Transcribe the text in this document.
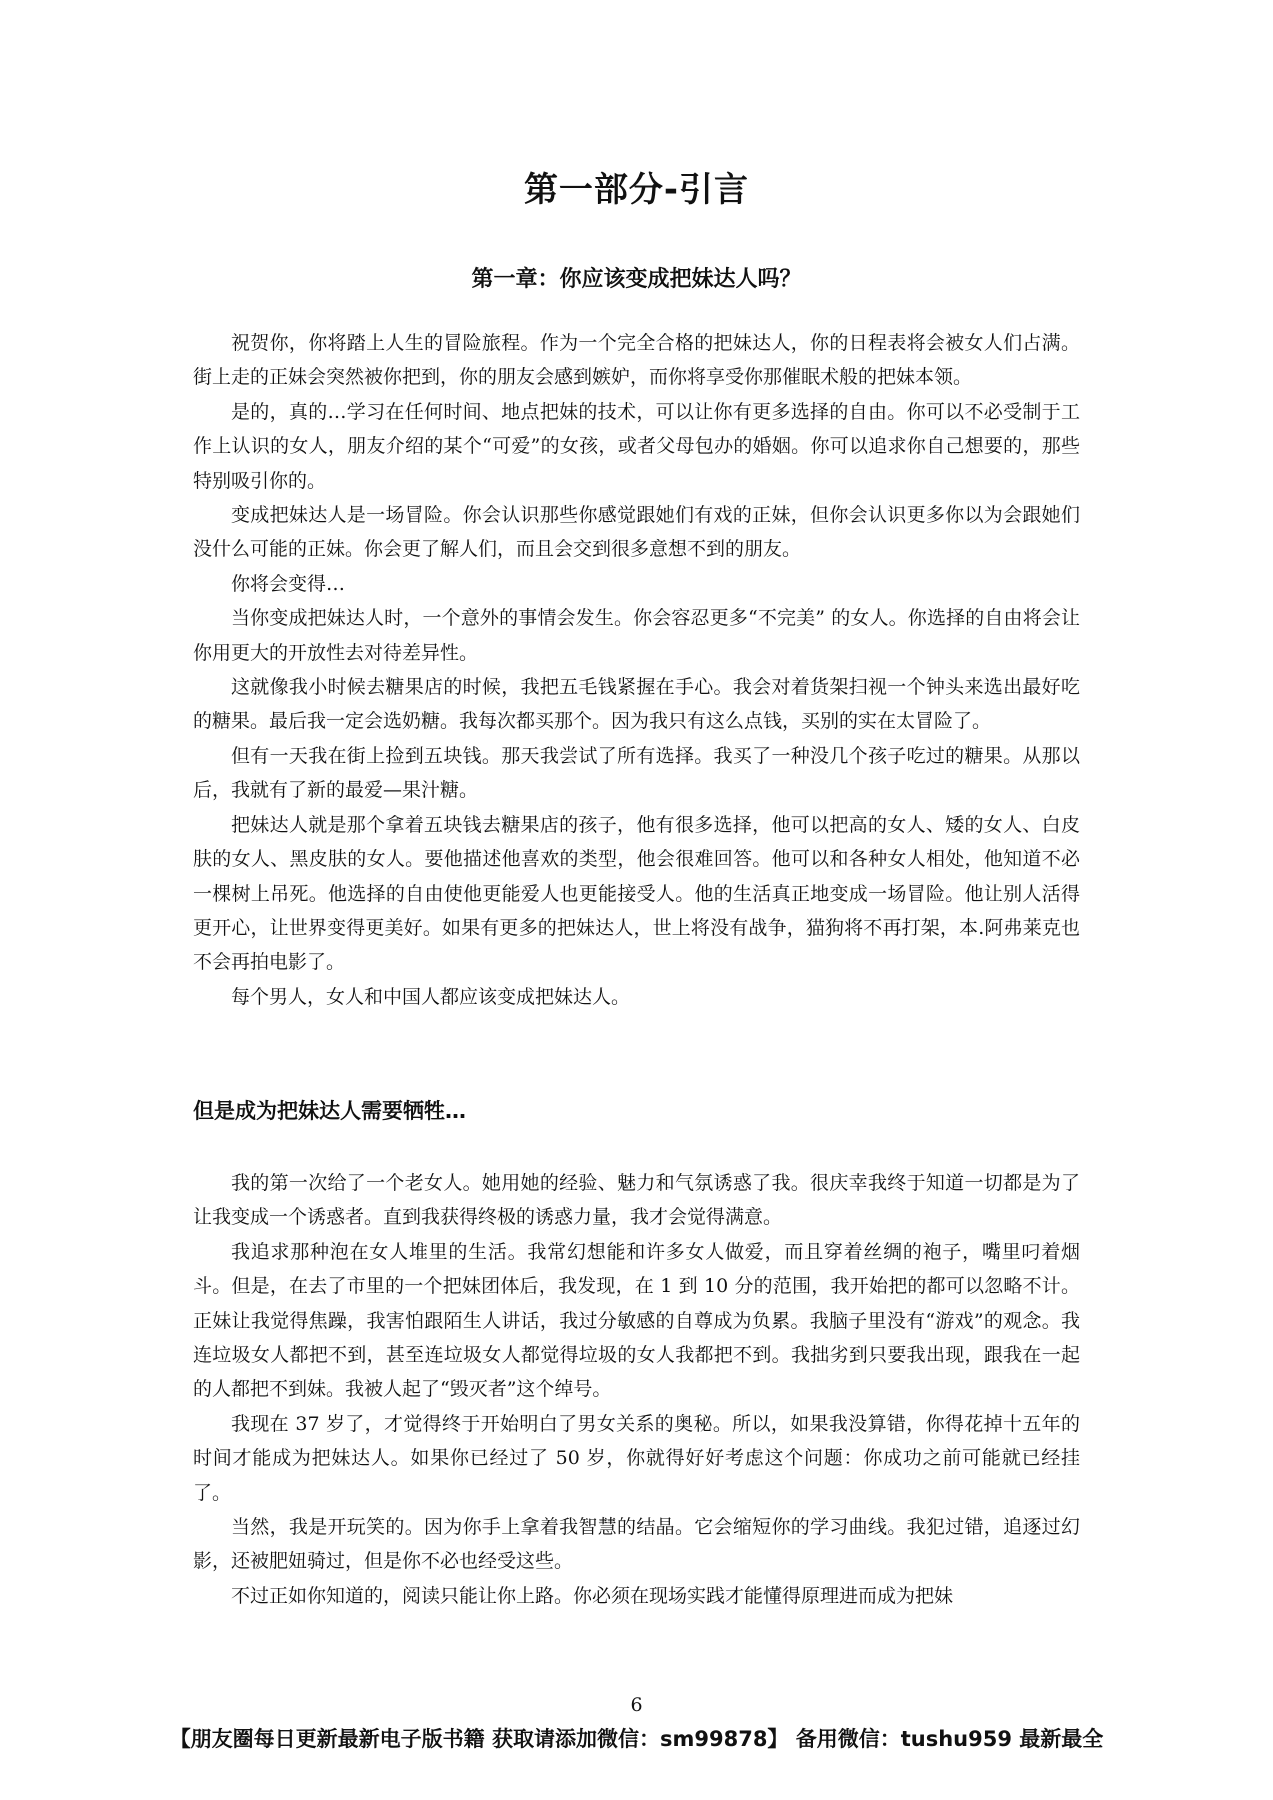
第一部分-引言
第一章：你应该变成把妹达人吗？

祝贺你，你将踏上人生的冒险旅程。作为一个完全合格的把妹达人，你的日程表将会被女人们占满。街上走的正妹会突然被你把到，你的朋友会感到嫉妒，而你将享受你那催眠术般的把妹本领。

是的，真的…学习在任何时间、地点把妹的技术，可以让你有更多选择的自由。你可以不必受制于工作上认识的女人，朋友介绍的某个“可爱”的女孩，或者父母包办的婚姻。你可以追求你自己想要的，那些特别吸引你的。

变成把妹达人是一场冒险。你会认识那些你感觉跟她们有戏的正妹，但你会认识更多你以为会跟她们没什么可能的正妹。你会更了解人们，而且会交到很多意想不到的朋友。

你将会变得…

当你变成把妹达人时，一个意外的事情会发生。你会容忍更多“不完美” 的女人。你选择的自由将会让你用更大的开放性去对待差异性。

这就像我小时候去糖果店的时候，我把五毛钱紧握在手心。我会对着货架扫视一个钟头来选出最好吃的糖果。最后我一定会选奶糖。我每次都买那个。因为我只有这么点钱，买别的实在太冒险了。

但有一天我在街上捡到五块钱。那天我尝试了所有选择。我买了一种没几个孩子吃过的糖果。从那以后，我就有了新的最爱—果汁糖。

把妹达人就是那个拿着五块钱去糖果店的孩子，他有很多选择，他可以把高的女人、矮的女人、白皮肤的女人、黑皮肤的女人。要他描述他喜欢的类型，他会很难回答。他可以和各种女人相处，他知道不必一棵树上吊死。他选择的自由使他更能爱人也更能接受人。他的生活真正地变成一场冒险。他让别人活得更开心，让世界变得更美好。如果有更多的把妹达人，世上将没有战争，猫狗将不再打架，本.阿弗莱克也不会再拍电影了。

每个男人，女人和中国人都应该变成把妹达人。

但是成为把妹达人需要牺牲…

我的第一次给了一个老女人。她用她的经验、魅力和气氛诱惑了我。很庆幸我终于知道一切都是为了让我变成一个诱惑者。直到我获得终极的诱惑力量，我才会觉得满意。

我追求那种泡在女人堆里的生活。我常幻想能和许多女人做爱，而且穿着丝绸的袍子，嘴里叼着烟斗。但是，在去了市里的一个把妹团体后，我发现，在 1 到 10 分的范围，我开始把的都可以忽略不计。正妹让我觉得焦躁，我害怕跟陌生人讲话，我过分敏感的自尊成为负累。我脑子里没有“游戏”的观念。我连垃圾女人都把不到，甚至连垃圾女人都觉得垃圾的女人我都把不到。我拙劣到只要我出现，跟我在一起的人都把不到妹。我被人起了“毁灭者”这个绰号。

我现在 37 岁了，才觉得终于开始明白了男女关系的奥秘。所以，如果我没算错，你得花掉十五年的时间才能成为把妹达人。如果你已经过了 50 岁，你就得好好考虑这个问题：你成功之前可能就已经挂了。

当然，我是开玩笑的。因为你手上拿着我智慧的结晶。它会缩短你的学习曲线。我犯过错，追逐过幻影，还被肥妞骑过，但是你不必也经受这些。

不过正如你知道的，阅读只能让你上路。你必须在现场实践才能懂得原理进而成为把妹

6
【朋友圈每日更新最新电子版书籍 获取请添加微信：sm99878】 备用微信：tushu959 最新最全
